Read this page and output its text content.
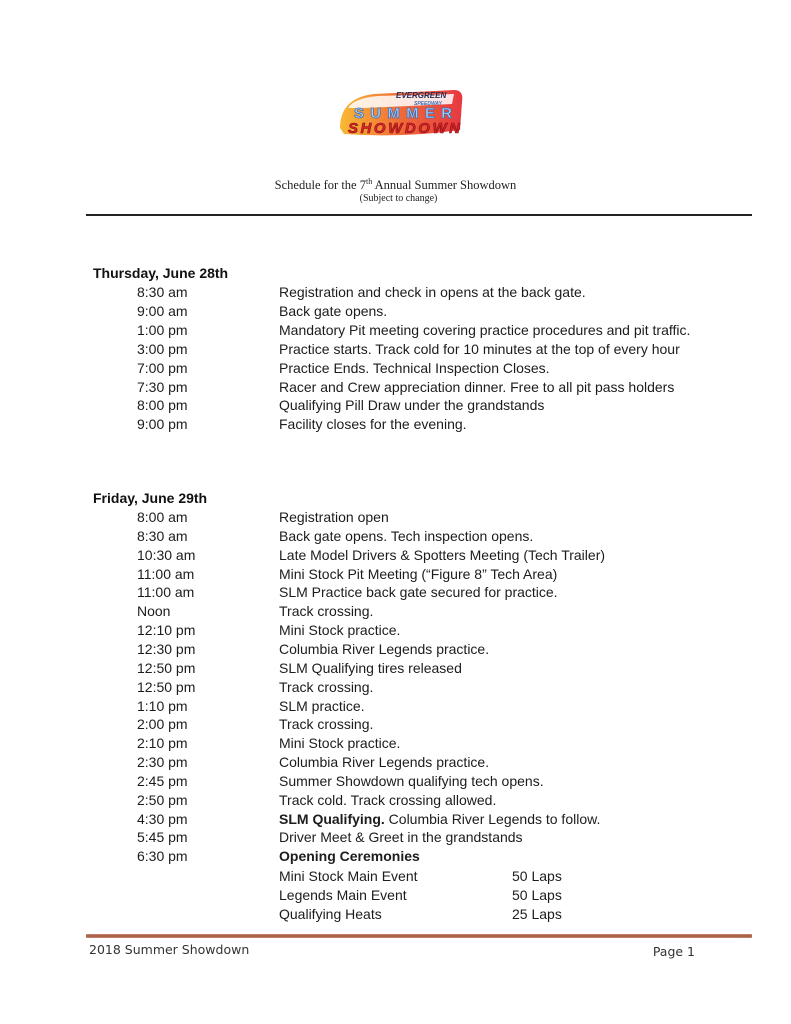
EVERGREEN
SPEEDWAY
SUMMER
SHOWDOWN
Schedule for the 7th Annual Summer Showdown
(Subject to change)
Thursday, June 28th
8:30 am	Registration and check in opens at the back gate.
9:00 am	Back gate opens.
1:00 pm	Mandatory Pit meeting covering practice procedures and pit traffic.
3:00 pm	Practice starts. Track cold for 10 minutes at the top of every hour
7:00 pm	Practice Ends. Technical Inspection Closes.
7:30 pm	Racer and Crew appreciation dinner. Free to all pit pass holders
8:00 pm	Qualifying Pill Draw under the grandstands
9:00 pm	Facility closes for the evening.
Friday, June 29th
8:00 am	Registration open
8:30 am	Back gate opens. Tech inspection opens.
10:30 am	Late Model Drivers & Spotters Meeting (Tech Trailer)
11:00 am	Mini Stock Pit Meeting (“Figure 8” Tech Area)
11:00 am	SLM Practice back gate secured for practice.
Noon	Track crossing.
12:10 pm	Mini Stock practice.
12:30 pm	Columbia River Legends practice.
12:50 pm	SLM Qualifying tires released
12:50 pm	Track crossing.
1:10 pm	SLM practice.
2:00 pm	Track crossing.
2:10 pm	Mini Stock practice.
2:30 pm	Columbia River Legends practice.
2:45 pm	Summer Showdown qualifying tech opens.
2:50 pm	Track cold. Track crossing allowed.
4:30 pm	SLM Qualifying. Columbia River Legends to follow.
5:45 pm	Driver Meet & Greet in the grandstands
6:30 pm	Opening Ceremonies
Mini Stock Main Event	50 Laps
Legends Main Event	50 Laps
Qualifying Heats	25 Laps
2018 Summer Showdown	Page 1
